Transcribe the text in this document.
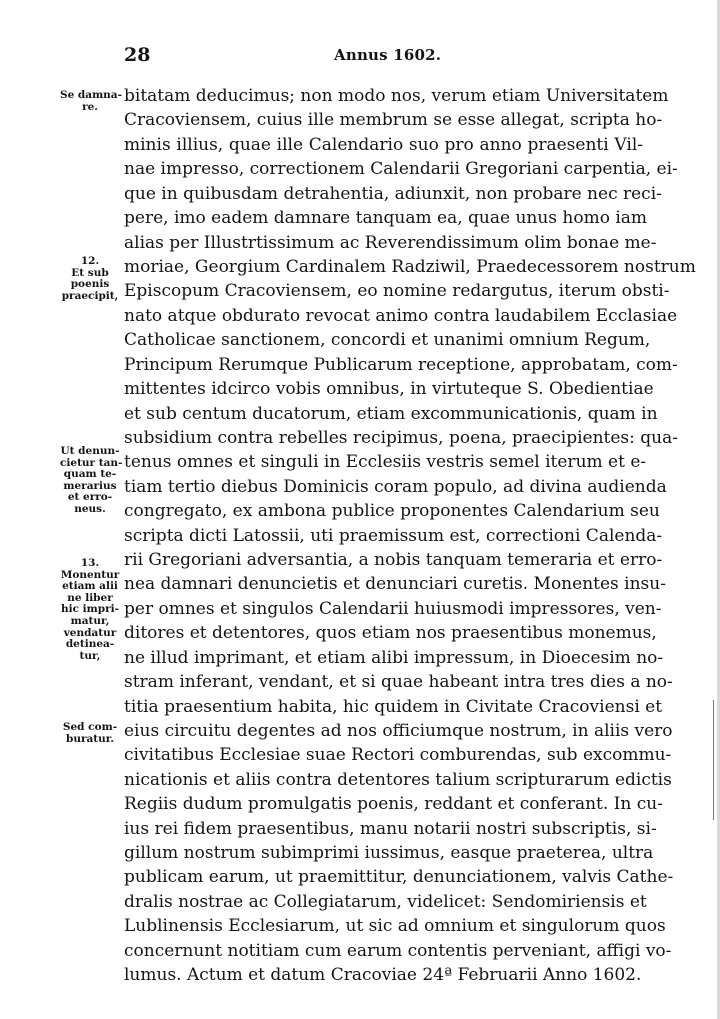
28	Annus 1602.
bitatam deducimus; non modo nos, verum etiam Universitatem
Cracoviensem, cuius ille membrum se esse allegat, scripta ho-
minis illius, quae ille Calendario suo pro anno praesenti Vil-
nae impresso, correctionem Calendarii Gregoriani carpentia, ei-
que in quibusdam detrahentia, adiunxit, non probare nec reci-
pere, imo eadem damnare tanquam ea, quae unus homo iam
alias per Illustrtissimum ac Reverendissimum olim bonae me-
moriae, Georgium Cardinalem Radziwil, Praedecessorem nostrum
Episcopum Cracoviensem, eo nomine redargutus, iterum obsti-
nato atque obdurato revocat animo contra laudabilem Ecclasiae
Catholicae sanctionem, concordi et unanimi omnium Regum,
Principum Rerumque Publicarum receptione, approbatam, com-
mittentes idcirco vobis omnibus, in virtuteque S. Obedientiae
et sub centum ducatorum, etiam excommunicationis, quam in
subsidium contra rebelles recipimus, poena, praecipientes: qua-
tenus omnes et singuli in Ecclesiis vestris semel iterum et e-
tiam tertio diebus Dominicis coram populo, ad divina audienda
congregato, ex ambona publice proponentes Calendarium seu
scripta dicti Latossii, uti praemissum est, correctioni Calenda-
rii Gregoriani adversantia, a nobis tanquam temeraria et erro-
nea damnari denuncietis et denunciari curetis. Monentes insu-
per omnes et singulos Calendarii huiusmodi impressores, ven-
ditores et detentores, quos etiam nos praesentibus monemus,
ne illud imprimant, et etiam alibi impressum, in Dioecesim no-
stram inferant, vendant, et si quae habeant intra tres dies a no-
titia praesentium habita, hic quidem in Civitate Cracoviensi et
eius circuitu degentes ad nos officiumque nostrum, in aliis vero
civitatibus Ecclesiae suae Rectori comburendas, sub excommu-
nicationis et aliis contra detentores talium scripturarum edictis
Regiis dudum promulgatis poenis, reddant et conferant. In cu-
ius rei fidem praesentibus, manu notarii nostri subscriptis, si-
gillum nostrum subimprimi iussimus, easque praeterea, ultra
publicam earum, ut praemittitur, denunciationem, valvis Cathe-
dralis nostrae ac Collegiatarum, videlicet: Sendomiriensis et
Lublinensis Ecclesiarum, ut sic ad omnium et singulorum quos
concernunt notitiam cum earum contentis perveniant, affigi vo-
lumus. Actum et datum Cracoviae 24ª Februarii Anno 1602.
Se damna-
re.
12.
Et sub
poenis
praecipit,
Ut denun-
cietur tan-
quam te-
merarius
et erro-
neus.
13.
Monentur
etiam alii
ne liber
hic impri-
matur,
vendatur
detinea-
tur,
Sed com-
buratur.
